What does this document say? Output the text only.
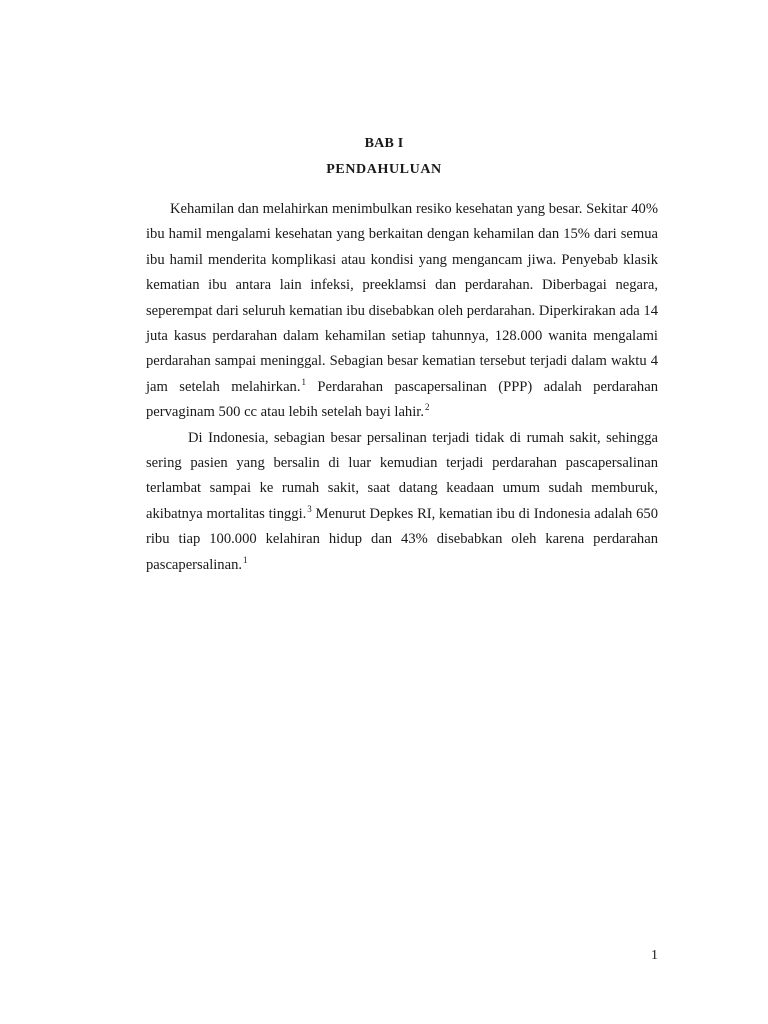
BAB I
PENDAHULUAN

Kehamilan dan melahirkan menimbulkan resiko kesehatan yang besar. Sekitar 40% ibu hamil mengalami kesehatan yang berkaitan dengan kehamilan dan 15% dari semua ibu hamil menderita komplikasi atau kondisi yang mengancam jiwa. Penyebab klasik kematian ibu antara lain infeksi, preeklamsi dan perdarahan. Diberbagai negara, seperempat dari seluruh kematian ibu disebabkan oleh perdarahan. Diperkirakan ada 14 juta kasus perdarahan dalam kehamilan setiap tahunnya, 128.000 wanita mengalami perdarahan sampai meninggal. Sebagian besar kematian tersebut terjadi dalam waktu 4 jam setelah melahirkan.$^1$ Perdarahan pascapersalinan (PPP) adalah perdarahan pervaginam 500 cc atau lebih setelah bayi lahir.$^2$

Di Indonesia, sebagian besar persalinan terjadi tidak di rumah sakit, sehingga sering pasien yang bersalin di luar kemudian terjadi perdarahan pascapersalinan terlambat sampai ke rumah sakit, saat datang keadaan umum sudah memburuk, akibatnya mortalitas tinggi.$^3$ Menurut Depkes RI, kematian ibu di Indonesia adalah 650 ribu tiap 100.000 kelahiran hidup dan 43% disebabkan oleh karena perdarahan pascapersalinan.$^1$

1
